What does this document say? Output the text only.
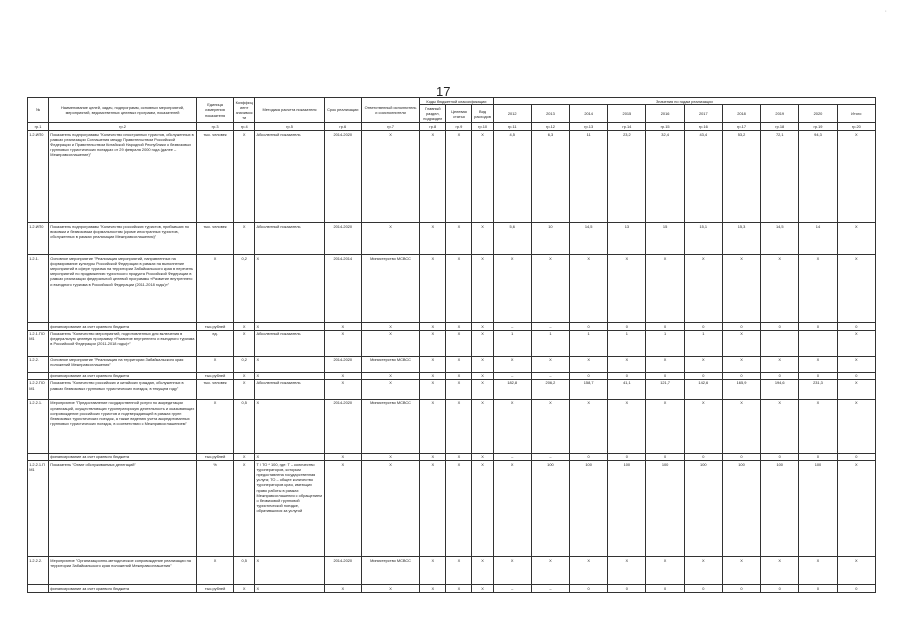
17
·
№	Наименование целей, задач, подпрограмм, основных мероприятий, мероприятий, ведомственных целевых программ, показателей	Единица измерения показателя	Коэффициент значимости	Методика расчета показателя	Срок реализации	Ответственный исполнитель и соисполнители	Коды бюджетной классификации			Значения по годам реализации									
							Главный раздел, подраздел	Целевая статья	Вид расходов	2012	2013	2014	2015	2016	2017	2018	2019	2020	Итого
гр.1	гр.2	гр.3	гр.4	гр.5	гр.6	гр.7	гр.8	гр.9	гр.10	гр.11	гр.12	гр.13	гр.14	гр.15	гр.16	гр.17	гр.18	гр.19	гр.20
1.2.ИП0	Показатель подпрограммы "Количество иностранных туристов, обслуженных в рамках реализации Соглашения между Правительством Российской Федерации и Правительством Китайской Народной Республики о безвизовых групповых туристических поездках от 29 февраля 2000 года (далее – Межправсоглашение)"	тыс. человек	Х	Абсолютный показатель	2014-2020	Х	Х	Х	Х	4,5	6,3	11	23,2	32,4	43,4	53,2	72,1	94,3	Х
1.2.ИП0	Показатель подпрограммы "Количество российских туристов, прибывших по визовым и безвизовым формальностям (кроме иностранных туристов, обслуженных в рамках реализации Межправсоглашения)"	тыс. человек	Х	Абсолютный показатель	2014-2020	Х	Х	Х	Х	5,6	10	14,5	13	15	15,1	15,3	14,5	14	Х
1.2.1.	Основное мероприятие "Реализация мероприятий, направленных на формирование культуры Российской Федерации в рамках на выполнение мероприятий в сфере туризма на территории Забайкальского края в перечень мероприятий по продвижению туристского продукта Российской Федерации в рамках реализации федеральной целевой программы «Развитие внутреннего и въездного туризма в Российской Федерации (2011-2018 годы)»"	Х	0,2	Х	2014-2014	Министерство МСВСС	Х	Х	Х	Х	Х	Х	Х	Х	Х	Х	Х	Х	Х
	финансирование за счет краевого бюджета	тыс.рублей	Х	Х	Х	Х	Х	Х	Х	–	–	0	0	0	0	0	0	0	0
1.2.1.ПОМ1	Показатель "Количество мероприятий, подготовленных для включения в федеральную целевую программу «Развитие внутреннего и въездного туризма в Российской Федерации (2011-2018 годы)»"	ед.	Х	Абсолютный показатель	Х	Х	Х	Х	Х	1	1	1	1	1	1	Х			Х
1.2.2.	Основное мероприятие "Реализация на территории Забайкальского края положений Межправсоглашения"	Х	0,2	Х	2014-2020	Министерство МСВСС	Х	Х	Х	Х	Х	Х	Х	Х	Х	Х	Х	Х	Х
	финансирование за счет краевого бюджета	тыс.рублей	Х	Х	Х	Х	Х	Х	Х	–	–	0	0	0	0	0	0	0	0
1.2.2.ПОМ1	Показатель "Количество российских и китайских граждан, обслуженных в рамках безвизовых групповых туристических поездок, в текущем году"	тыс. человек	Х	Абсолютный показатель	Х	Х	Х	Х	Х	182,8	206,2	158,7	41,1	121,7	142,6	165,9	194,6	231,3	Х
1.2.2.1.	Мероприятие "Предоставление государственной услуги по аккредитации организаций, осуществляющих туроператорскую деятельность и оказывающих сопровождение российских туристов и подтверждающей в рамках групп безвизовых туристических поездок, а также ведению учета аккредитованных групповых туристических поездок, в соответствии с Межправсоглашением"	Х	0,5	Х	2014-2020	Министерство МСВСС	Х	Х	Х	Х	Х	Х	Х	Х	Х	Х	Х	Х	Х
	финансирование за счет краевого бюджета	тыс.рублей	Х	Х	Х	Х	Х	Х	Х	–	–	0	0	0	0	0	0	0	0
1.2.2.1.ПМ1	Показатель "Охват обслуживаемых делегаций"	%	Х	Т / ТО * 100, где: Т – количество туроператоров, которым предоставлена государственная услуга; ТО – общее количество туроператоров края, имеющих право работы в рамках Межправсоглашения с обращением о безвизовой групповой туристической поездке, обратившихся за услугой	Х	Х	Х	Х	Х	Х	100	100	100	100	100	100	100	100	Х
1.2.2.2.	Мероприятие "Организационно-методическое сопровождение реализации на территории Забайкальского края положений Межправсоглашения"	Х	0,5	Х	2014-2020	Министерство МСВСС	Х	Х	Х	Х	Х	Х	Х	Х	Х	Х	Х	Х	Х
	финансирование за счет краевого бюджета	тыс.рублей	Х	Х	Х	Х	Х	Х	Х	–	–	0	0	0	0	0	0	0	0
